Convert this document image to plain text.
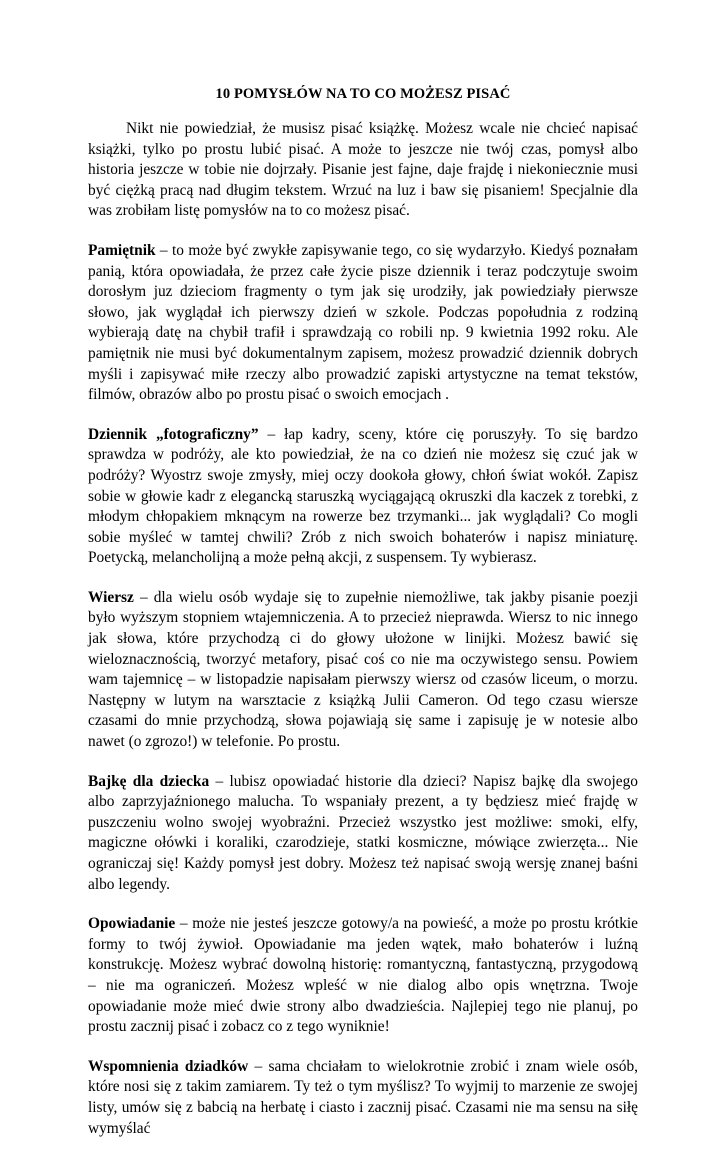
10 POMYSŁÓW NA TO CO MOŻESZ PISAĆ

Nikt nie powiedział, że musisz pisać książkę. Możesz wcale nie chcieć napisać książki, tylko po prostu lubić pisać. A może to jeszcze nie twój czas, pomysł albo historia jeszcze w tobie nie dojrzały. Pisanie jest fajne, daje frajdę i niekoniecznie musi być ciężką pracą nad długim tekstem. Wrzuć na luz i baw się pisaniem! Specjalnie dla was zrobiłam listę pomysłów na to co możesz pisać.

Pamiętnik – to może być zwykłe zapisywanie tego, co się wydarzyło. Kiedyś poznałam panią, która opowiadała, że przez całe życie pisze dziennik i teraz podczytuje swoim dorosłym juz dzieciom fragmenty o tym jak się urodziły, jak powiedziały pierwsze słowo, jak wyglądał ich pierwszy dzień w szkole. Podczas popołudnia z rodziną wybierają datę na chybił trafił i sprawdzają co robili np. 9 kwietnia 1992 roku. Ale pamiętnik nie musi być dokumentalnym zapisem, możesz prowadzić dziennik dobrych myśli i zapisywać miłe rzeczy albo prowadzić zapiski artystyczne na temat tekstów, filmów, obrazów albo po prostu pisać o swoich emocjach .

Dziennik „fotograficzny” – łap kadry, sceny, które cię poruszyły. To się bardzo sprawdza w podróży, ale kto powiedział, że na co dzień nie możesz się czuć jak w podróży? Wyostrz swoje zmysły, miej oczy dookoła głowy, chłoń świat wokół. Zapisz sobie w głowie kadr z elegancką staruszką wyciągającą okruszki dla kaczek z torebki, z młodym chłopakiem mknącym na rowerze bez trzymanki... jak wyglądali? Co mogli sobie myśleć w tamtej chwili? Zrób z nich swoich bohaterów i napisz miniaturę. Poetycką, melancholijną a może pełną akcji, z suspensem. Ty wybierasz.

Wiersz – dla wielu osób wydaje się to zupełnie niemożliwe, tak jakby pisanie poezji było wyższym stopniem wtajemniczenia. A to przecież nieprawda. Wiersz to nic innego jak słowa, które przychodzą ci do głowy ułożone w linijki. Możesz bawić się wieloznacznością, tworzyć metafory, pisać coś co nie ma oczywistego sensu. Powiem wam tajemnicę – w listopadzie napisałam pierwszy wiersz od czasów liceum, o morzu. Następny w lutym na warsztacie z książką Julii Cameron. Od tego czasu wiersze czasami do mnie przychodzą, słowa pojawiają się same i zapisuję je w notesie albo nawet (o zgrozo!) w telefonie. Po prostu.

Bajkę dla dziecka – lubisz opowiadać historie dla dzieci? Napisz bajkę dla swojego albo zaprzyjaźnionego malucha. To wspaniały prezent, a ty będziesz mieć frajdę w puszczeniu wolno swojej wyobraźni. Przecież wszystko jest możliwe: smoki, elfy, magiczne ołówki i koraliki, czarodzieje, statki kosmiczne, mówiące zwierzęta... Nie ograniczaj się! Każdy pomysł jest dobry. Możesz też napisać swoją wersję znanej baśni albo legendy.

Opowiadanie – może nie jesteś jeszcze gotowy/a na powieść, a może po prostu krótkie formy to twój żywioł. Opowiadanie ma jeden wątek, mało bohaterów i luźną konstrukcję. Możesz wybrać dowolną historię: romantyczną, fantastyczną, przygodową – nie ma ograniczeń. Możesz wpleść w nie dialog albo opis wnętrzna. Twoje opowiadanie może mieć dwie strony albo dwadzieścia. Najlepiej tego nie planuj, po prostu zacznij pisać i zobacz co z tego wyniknie!

Wspomnienia dziadków – sama chciałam to wielokrotnie zrobić i znam wiele osób, które nosi się z takim zamiarem. Ty też o tym myślisz? To wyjmij to marzenie ze swojej listy, umów się z babcią na herbatę i ciasto i zacznij pisać. Czasami nie ma sensu na siłę wymyślać
